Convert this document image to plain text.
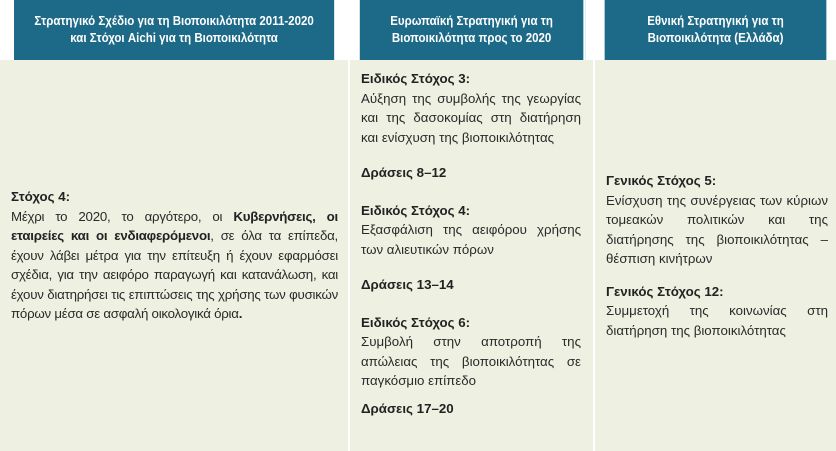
Στρατηγικό Σχέδιο για τη Βιοποικιλότητα 2011-2020
και Στόχοι Aichi για τη Βιοποικιλότητα
Ευρωπαϊκή Στρατηγική για τη
Βιοποικιλότητα προς το 2020
Εθνική Στρατηγική για τη
Βιοποικιλότητα (Ελλάδα)
Στόχος 4:
Μέχρι το 2020, το αργότερο, οι Κυβερνήσεις, οι εταιρείες και οι ενδιαφερόμενοι, σε όλα τα επίπεδα, έχουν λάβει μέτρα για την επίτευξη ή έχουν εφαρμόσει σχέδια, για την αειφόρο παραγωγή και κατανάλωση, και έχουν διατηρήσει τις επιπτώσεις της χρήσης των φυσικών πόρων μέσα σε ασφαλή οικολογικά όρια.
Ειδικός Στόχος 3:
Αύξηση της συμβολής της γεωργίας και της δασοκομίας στη διατήρηση και ενίσχυση της βιοποικιλότητας
Δράσεις 8–12
Ειδικός Στόχος 4:
Εξασφάλιση της αειφόρου χρήσης των αλιευτικών πόρων
Δράσεις 13–14
Ειδικός Στόχος 6:
Συμβολή στην αποτροπή της απώλειας της βιοποικιλότητας σε παγκόσμιο επίπεδο
Δράσεις 17–20
Γενικός Στόχος 5:
Ενίσχυση της συνέργειας των κύριων τομεακών πολιτικών και της διατήρησης της βιοποικιλότητας – θέσπιση κινήτρων
Γενικός Στόχος 12:
Συμμετοχή της κοινωνίας στη διατήρηση της βιοποικιλότητας
